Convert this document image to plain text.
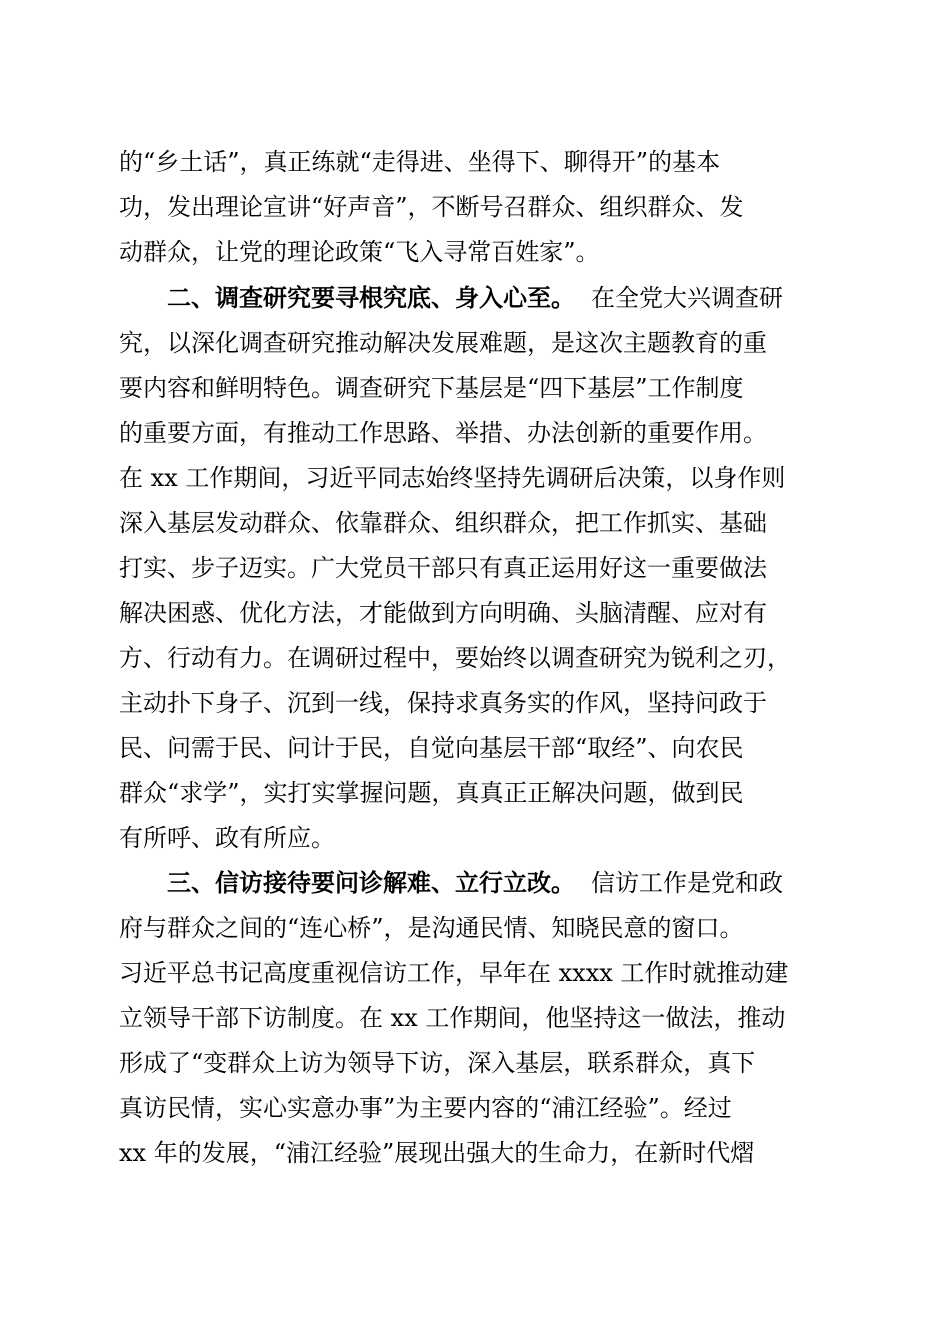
的“乡土话”，真正练就“走得进、坐得下、聊得开”的基本
功，发出理论宣讲“好声音”，不断号召群众、组织群众、发
动群众，让党的理论政策“飞入寻常百姓家”。
二、调查研究要寻根究底、身入心至。 在全党大兴调查研
究，以深化调查研究推动解决发展难题，是这次主题教育的重
要内容和鲜明特色。调查研究下基层是“四下基层”工作制度
的重要方面，有推动工作思路、举措、办法创新的重要作用。
在 xx 工作期间，习近平同志始终坚持先调研后决策，以身作则
深入基层发动群众、依靠群众、组织群众，把工作抓实、基础
打实、步子迈实。广大党员干部只有真正运用好这一重要做法
解决困惑、优化方法，才能做到方向明确、头脑清醒、应对有
方、行动有力。在调研过程中，要始终以调查研究为锐利之刃，
主动扑下身子、沉到一线，保持求真务实的作风，坚持问政于
民、问需于民、问计于民，自觉向基层干部“取经”、向农民
群众“求学”，实打实掌握问题，真真正正解决问题，做到民
有所呼、政有所应。
三、信访接待要问诊解难、立行立改。 信访工作是党和政
府与群众之间的“连心桥”，是沟通民情、知晓民意的窗口。
习近平总书记高度重视信访工作，早年在 xxxx 工作时就推动建
立领导干部下访制度。在 xx 工作期间，他坚持这一做法，推动
形成了“变群众上访为领导下访，深入基层，联系群众，真下
真访民情，实心实意办事”为主要内容的“浦江经验”。经过
xx 年的发展，“浦江经验”展现出强大的生命力，在新时代熠
